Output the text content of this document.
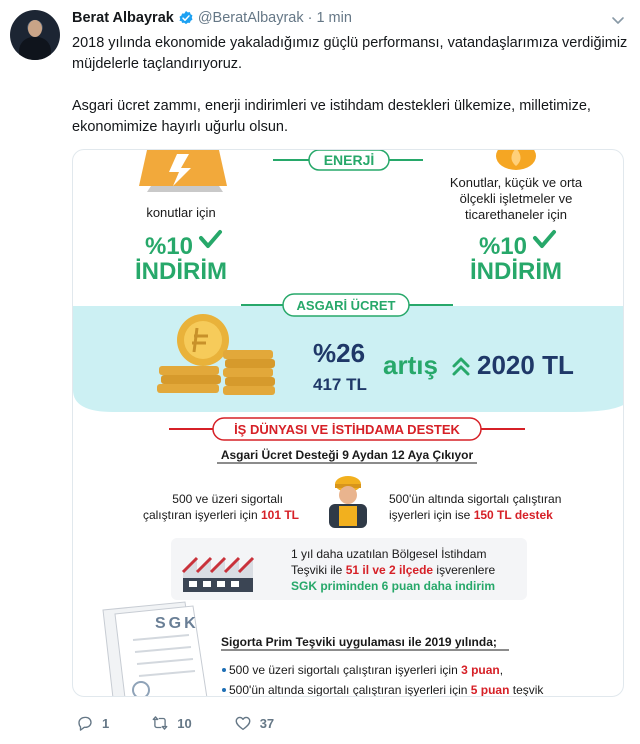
Berat Albayrak @BeratAlbayrak · 1 min

2018 yılında ekonomide yakaladığımız güçlü performansı, vatandaşlarımıza verdiğimiz müjdelerle taçlandırıyoruz.

Asgari ücret zammı, enerji indirimleri ve istihdam destekleri ülkemize, milletimize, ekonomimize hayırlı uğurlu olsun.

ENERJİ
konutlar için
Konutlar, küçük ve orta
ölçekli işletmeler ve
ticarethaneler için
%10
İNDİRİM
%10
İNDİRİM
ASGARİ ÜCRET
%26
417 TL
artış 2020 TL
İŞ DÜNYASI VE İSTİHDAMA DESTEK
Asgari Ücret Desteği 9 Aydan 12 Aya Çıkıyor
500 ve üzeri sigortalı
çalıştıran işyerleri için 101 TL
500'ün altında sigortalı çalıştıran
işyerleri için ise 150 TL destek
1 yıl daha uzatılan Bölgesel İstihdam
Teşviki ile 51 il ve 2 ilçede işverenlere
SGK priminden 6 puan daha indirim
SGK
Sigorta Prim Teşviki uygulaması ile 2019 yılında;
500 ve üzeri sigortalı çalıştıran işyerleri için 3 puan,
500'ün altında sigortalı çalıştıran işyerleri için 5 puan teşvik
1	10	37
